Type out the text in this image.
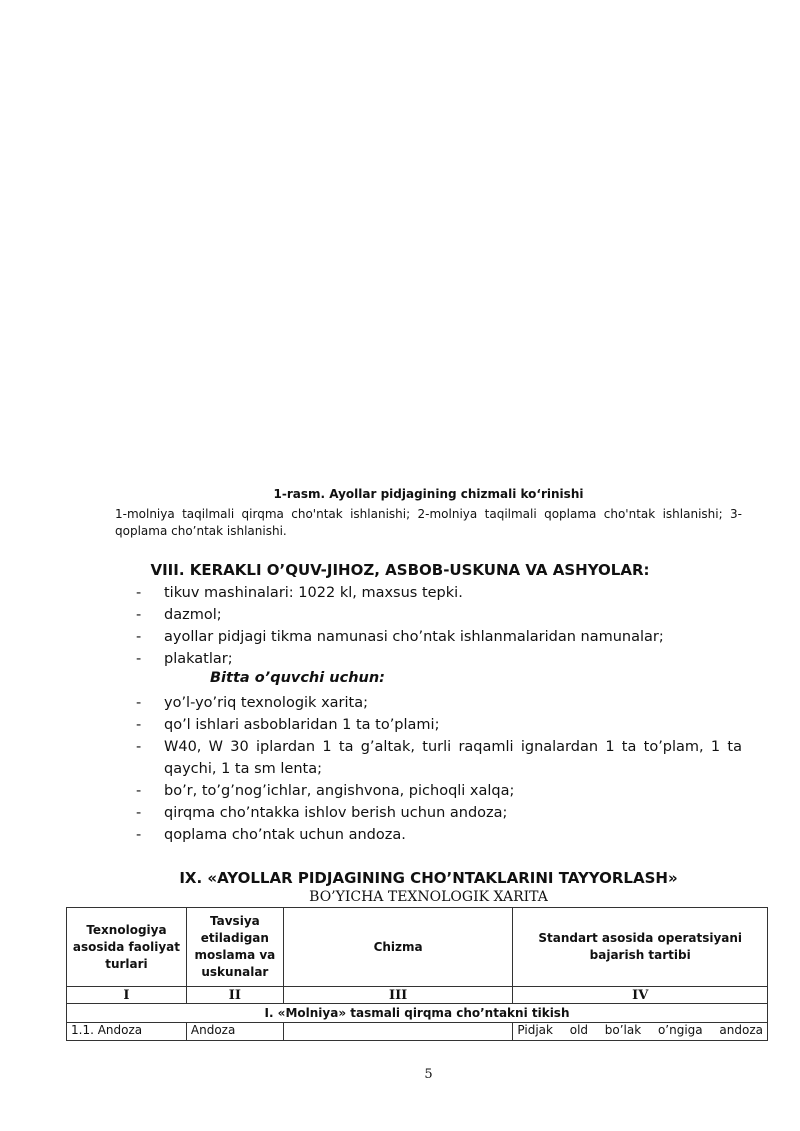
1-rasm. Ayollar pidjagining chizmali ko‘rinishi
1-molniya taqilmali qirqma cho'ntak ishlanishi; 2-molniya taqilmali qoplama cho'ntak ishlanishi; 3-qoplama cho’ntak ishlanishi.
VIII. KERAKLI O’QUV-JIHOZ, ASBOB-USKUNA VA ASHYOLAR:
- tikuv mashinalari: 1022 kl, maxsus tepki.
- dazmol;
- ayollar pidjagi tikma namunasi cho’ntak ishlanmalaridan namunalar;
- plakatlar;
Bitta o’quvchi uchun:
- yo’l-yo’riq texnologik xarita;
- qo’l ishlari asboblaridan 1 ta to’plami;
- W40, W 30 iplardan 1 ta g’altak, turli raqamli ignalardan 1 ta to’plam, 1 ta qaychi, 1 ta sm lenta;
- bo’r, to’g’nog’ichlar, angishvona, pichoqli xalqa;
- qirqma cho’ntakka ishlov berish uchun andoza;
- qoplama cho’ntak uchun andoza.
IX. «AYOLLAR PIDJAGINING CHO’NTAKLARINI TAYYORLASH»
BO’YICHA TEXNOLOGIK XARITA
Texnologiya asosida faoliyat turlari	Tavsiya etiladigan moslama va uskunalar	Chizma	Standart asosida operatsiyani bajarish tartibi
I	II	III	IV
I. «Molniya» tasmali qirqma cho’ntakni tikish			
1.1. Andoza	Andoza		Pidjak old bo’lak o’ngiga andoza
5
